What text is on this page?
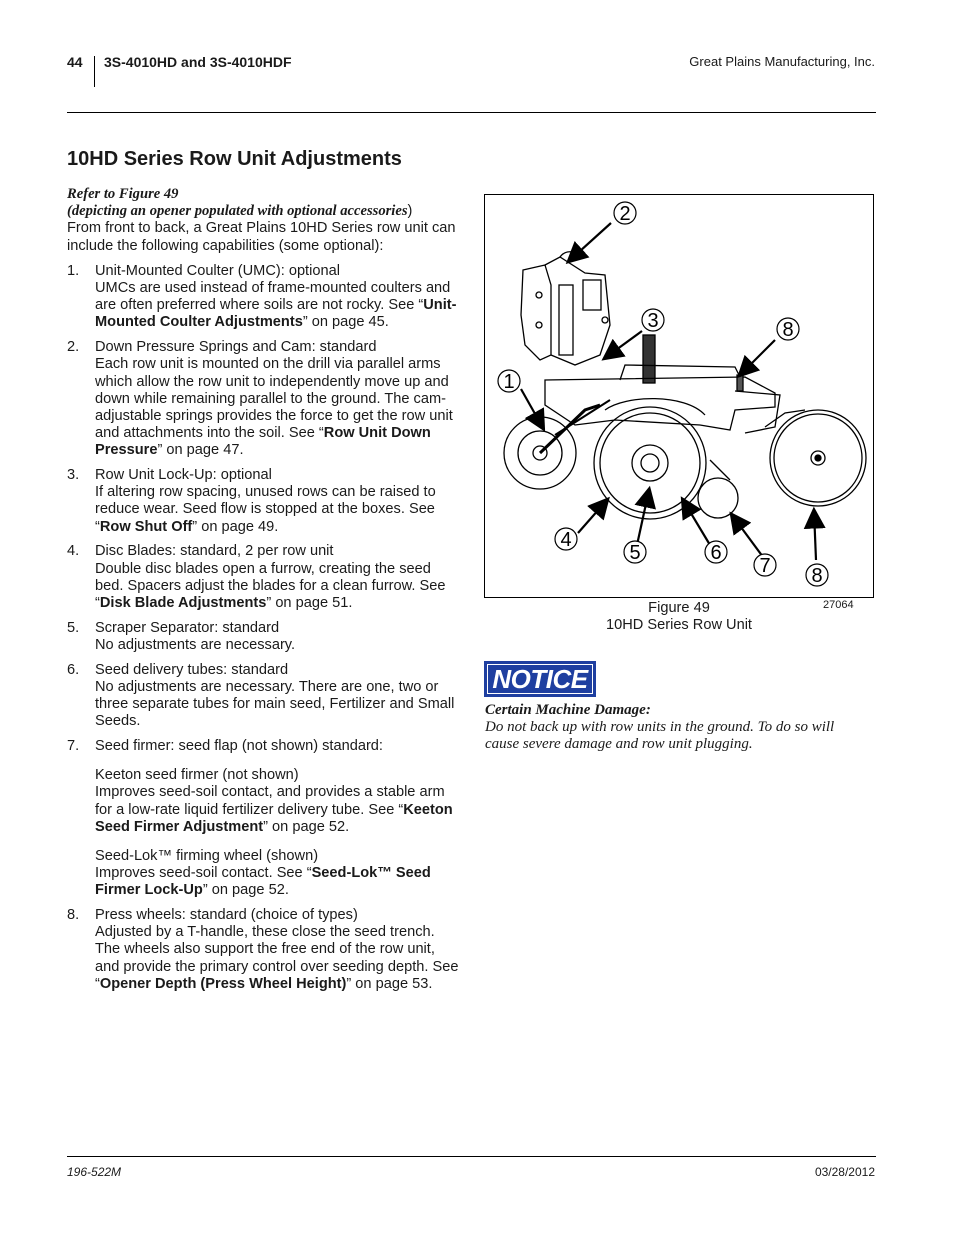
44 3S-4010HD and 3S-4010HDF	Great Plains Manufacturing, Inc.
10HD Series Row Unit Adjustments
Refer to Figure 49
(depicting an opener populated with optional accessories)

From front to back, a Great Plains 10HD Series row unit can include the following capabilities (some optional):

1.	Unit-Mounted Coulter (UMC): optional
UMCs are used instead of frame-mounted coulters and are often preferred where soils are not rocky. See “Unit-Mounted Coulter Adjustments” on page 45.
2.	Down Pressure Springs and Cam: standard
Each row unit is mounted on the drill via parallel arms which allow the row unit to independently move up and down while remaining parallel to the ground. The cam-adjustable springs provides the force to get the row unit and attachments into the soil. See “Row Unit Down Pressure” on page 47.
3.	Row Unit Lock-Up: optional
If altering row spacing, unused rows can be raised to reduce wear. Seed flow is stopped at the boxes. See “Row Shut Off” on page 49.
4.	Disc Blades: standard, 2 per row unit
Double disc blades open a furrow, creating the seed bed. Spacers adjust the blades for a clean furrow. See “Disk Blade Adjustments” on page 51.
5.	Scraper Separator: standard
No adjustments are necessary.
6.	Seed delivery tubes: standard
No adjustments are necessary. There are one, two or three separate tubes for main seed, Fertilizer and Small Seeds.
7.	Seed firmer: seed flap (not shown) standard:
Keeton seed firmer (not shown)
Improves seed-soil contact, and provides a stable arm for a low-rate liquid fertilizer delivery tube. See “Keeton Seed Firmer Adjustment” on page 52.
Seed-Lok™ firming wheel (shown)
Improves seed-soil contact. See “Seed-Lok™ Seed Firmer Lock-Up” on page 52.
8.	Press wheels: standard (choice of types)
Adjusted by a T-handle, these close the seed trench. The wheels also support the free end of the row unit, and provide the primary control over seeding depth. See “Opener Depth (Press Wheel Height)” on page 53.
2
3	8
1
4
5	6
7 8
Figure 49
10HD Series Row Unit
27064
NOTICE
Certain Machine Damage:
Do not back up with row units in the ground. To do so will cause severe damage and row unit plugging.
196-522M	03/28/2012
